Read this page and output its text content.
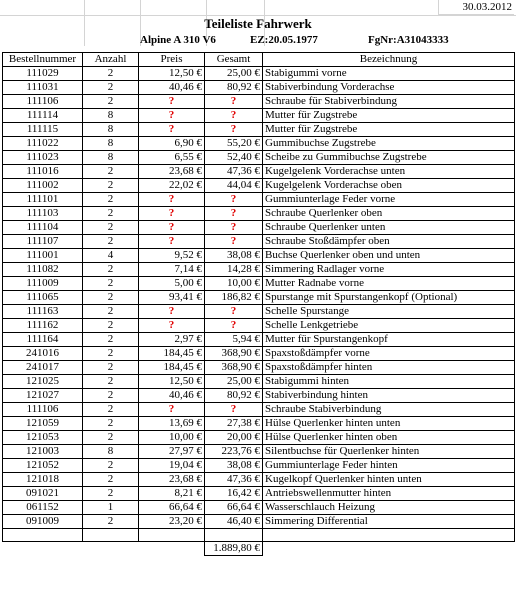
30.03.2012
Teileliste Fahrwerk
Alpine A 310 V6	EZ:20.05.1977	FgNr:A31043333
Bestellnummer	Anzahl	Preis	Gesamt	Bezeichnung
111029	2	12,50 €	25,00 €	Stabigummi vorne
111031	2	40,46 €	80,92 €	Stabiverbindung Vorderachse
111106	2	?	?	Schraube für Stabiverbindung
111114	8	?	?	Mutter für Zugstrebe
111115	8	?	?	Mutter für Zugstrebe
111022	8	6,90 €	55,20 €	Gummibuchse Zugstrebe
111023	8	6,55 €	52,40 €	Scheibe zu Gummibuchse Zugstrebe
111016	2	23,68 €	47,36 €	Kugelgelenk Vorderachse unten
111002	2	22,02 €	44,04 €	Kugelgelenk Vorderachse oben
111101	2	?	?	Gummiunterlage Feder vorne
111103	2	?	?	Schraube Querlenker oben
111104	2	?	?	Schraube Querlenker unten
111107	2	?	?	Schraube Stoßdämpfer oben
111001	4	9,52 €	38,08 €	Buchse Querlenker oben und unten
111082	2	7,14 €	14,28 €	Simmering Radlager vorne
111009	2	5,00 €	10,00 €	Mutter Radnabe vorne
111065	2	93,41 €	186,82 €	Spurstange mit Spurstangenkopf (Optional)
111163	2	?	?	Schelle Spurstange
111162	2	?	?	Schelle Lenkgetriebe
111164	2	2,97 €	5,94 €	Mutter für Spurstangenkopf
241016	2	184,45 €	368,90 €	Spaxstoßdämpfer vorne
241017	2	184,45 €	368,90 €	Spaxstoßdämpfer hinten
121025	2	12,50 €	25,00 €	Stabigummi hinten
121027	2	40,46 €	80,92 €	Stabiverbindung hinten
111106	2	?	?	Schraube Stabiverbindung
121059	2	13,69 €	27,38 €	Hülse Querlenker hinten unten
121053	2	10,00 €	20,00 €	Hülse Querlenker hinten oben
121003	8	27,97 €	223,76 €	Silentbuchse für Querlenker hinten
121052	2	19,04 €	38,08 €	Gummiunterlage Feder hinten
121018	2	23,68 €	47,36 €	Kugelkopf Querlenker hinten unten
091021	2	8,21 €	16,42 €	Antriebswellenmutter hinten
061152	1	66,64 €	66,64 €	Wasserschlauch Heizung
091009	2	23,20 €	46,40 €	Simmering Differential

			1.889,80 €	
